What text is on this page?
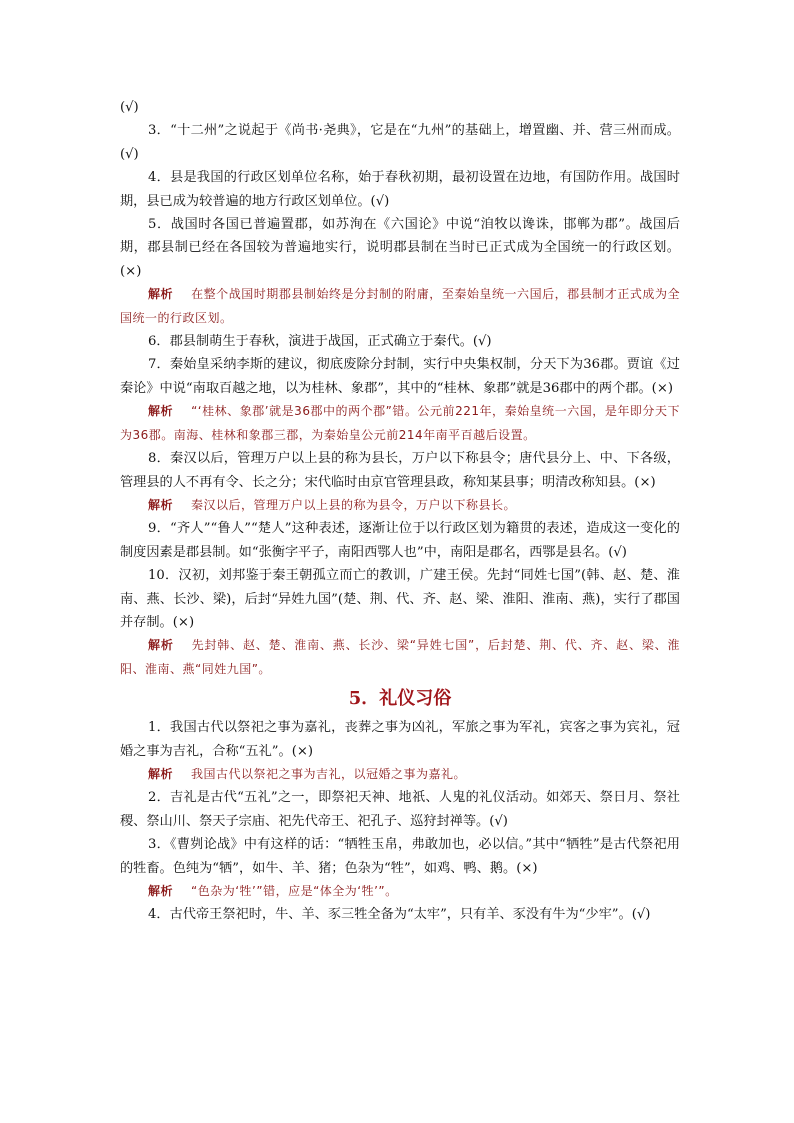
(√)

3．“十二州”之说起于《尚书·尧典》，它是在“九州”的基础上，增置幽、并、营三州而成。(√)

4．县是我国的行政区划单位名称，始于春秋初期，最初设置在边地，有国防作用。战国时期，县已成为较普遍的地方行政区划单位。(√)

5．战国时各国已普遍置郡，如苏洵在《六国论》中说“洎牧以谗诛，邯郸为郡”。战国后期，郡县制已经在各国较为普遍地实行，说明郡县制在当时已正式成为全国统一的行政区划。(×)

解析 在整个战国时期郡县制始终是分封制的附庸，至秦始皇统一六国后，郡县制才正式成为全国统一的行政区划。

6．郡县制萌生于春秋，演进于战国，正式确立于秦代。(√)

7．秦始皇采纳李斯的建议，彻底废除分封制，实行中央集权制，分天下为36郡。贾谊《过秦论》中说“南取百越之地，以为桂林、象郡”，其中的“桂林、象郡”就是36郡中的两个郡。(×)

解析 “‘桂林、象郡’就是36郡中的两个郡”错。公元前221年，秦始皇统一六国，是年即分天下为36郡。南海、桂林和象郡三郡，为秦始皇公元前214年南平百越后设置。

8．秦汉以后，管理万户以上县的称为县长，万户以下称县令；唐代县分上、中、下各级，管理县的人不再有令、长之分；宋代临时由京官管理县政，称知某县事；明清改称知县。(×)

解析 秦汉以后，管理万户以上县的称为县令，万户以下称县长。

9．“齐人”“鲁人”“楚人”这种表述，逐渐让位于以行政区划为籍贯的表述，造成这一变化的制度因素是郡县制。如“张衡字平子，南阳西鄂人也”中，南阳是郡名，西鄂是县名。(√)

10．汉初，刘邦鉴于秦王朝孤立而亡的教训，广建王侯。先封“同姓七国”(韩、赵、楚、淮南、燕、长沙、梁)，后封“异姓九国”(楚、荆、代、齐、赵、梁、淮阳、淮南、燕)，实行了郡国并存制。(×)

解析 先封韩、赵、楚、淮南、燕、长沙、梁“异姓七国”，后封楚、荆、代、齐、赵、梁、淮阳、淮南、燕“同姓九国”。

5．礼仪习俗

1．我国古代以祭祀之事为嘉礼，丧葬之事为凶礼，军旅之事为军礼，宾客之事为宾礼，冠婚之事为吉礼，合称“五礼”。(×)

解析 我国古代以祭祀之事为吉礼，以冠婚之事为嘉礼。

2．吉礼是古代“五礼”之一，即祭祀天神、地祇、人鬼的礼仪活动。如郊天、祭日月、祭社稷、祭山川、祭天子宗庙、祀先代帝王、祀孔子、巡狩封禅等。(√)

3．《曹刿论战》中有这样的话：“牺牲玉帛，弗敢加也，必以信。”其中“牺牲”是古代祭祀用的牲畜。色纯为“牺”，如牛、羊、猪；色杂为“牲”，如鸡、鸭、鹅。(×)

解析 “色杂为‘牲’”错，应是“体全为‘牲’”。

4．古代帝王祭祀时，牛、羊、豕三牲全备为“太牢”，只有羊、豕没有牛为“少牢”。(√)
